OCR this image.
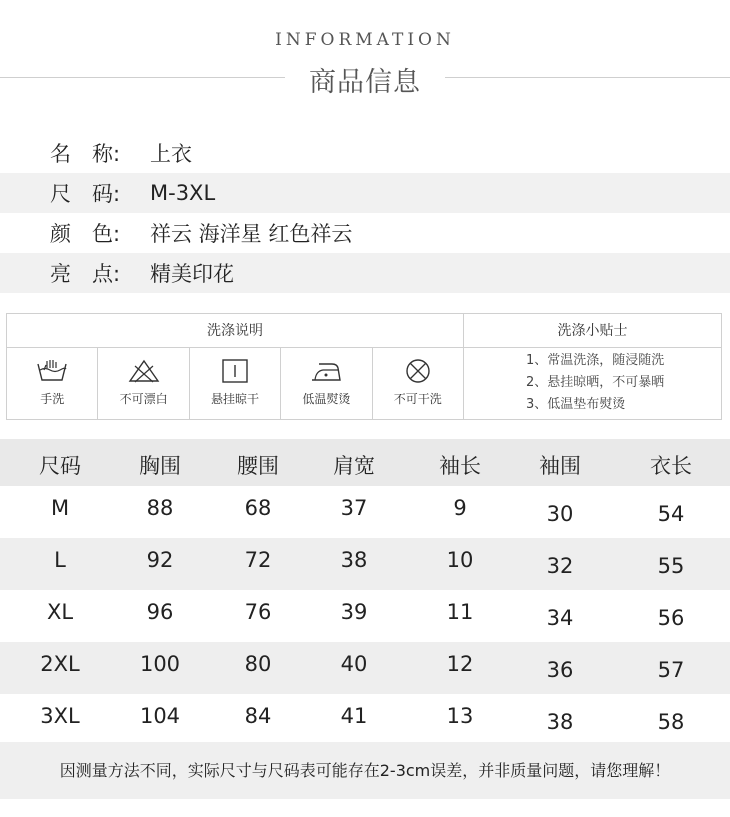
INFORMATION
商品信息
名　称:	上衣
尺　码:	M-3XL
颜　色:	祥云 海洋星 红色祥云
亮　点:	精美印花
洗涤说明	洗涤小贴士
手洗	不可漂白	悬挂晾干	低温熨烫	不可干洗
1、常温洗涤，随浸随洗
2、悬挂晾晒，不可暴晒
3、低温垫布熨烫
尺码	胸围	腰围	肩宽	袖长	袖围	衣长
M	88	68	37	9	30	54
L	92	72	38	10	32	55
XL	96	76	39	11	34	56
2XL	100	80	40	12	36	57
3XL	104	84	41	13	38	58
因测量方法不同，实际尺寸与尺码表可能存在2-3cm误差，并非质量问题，请您理解！
